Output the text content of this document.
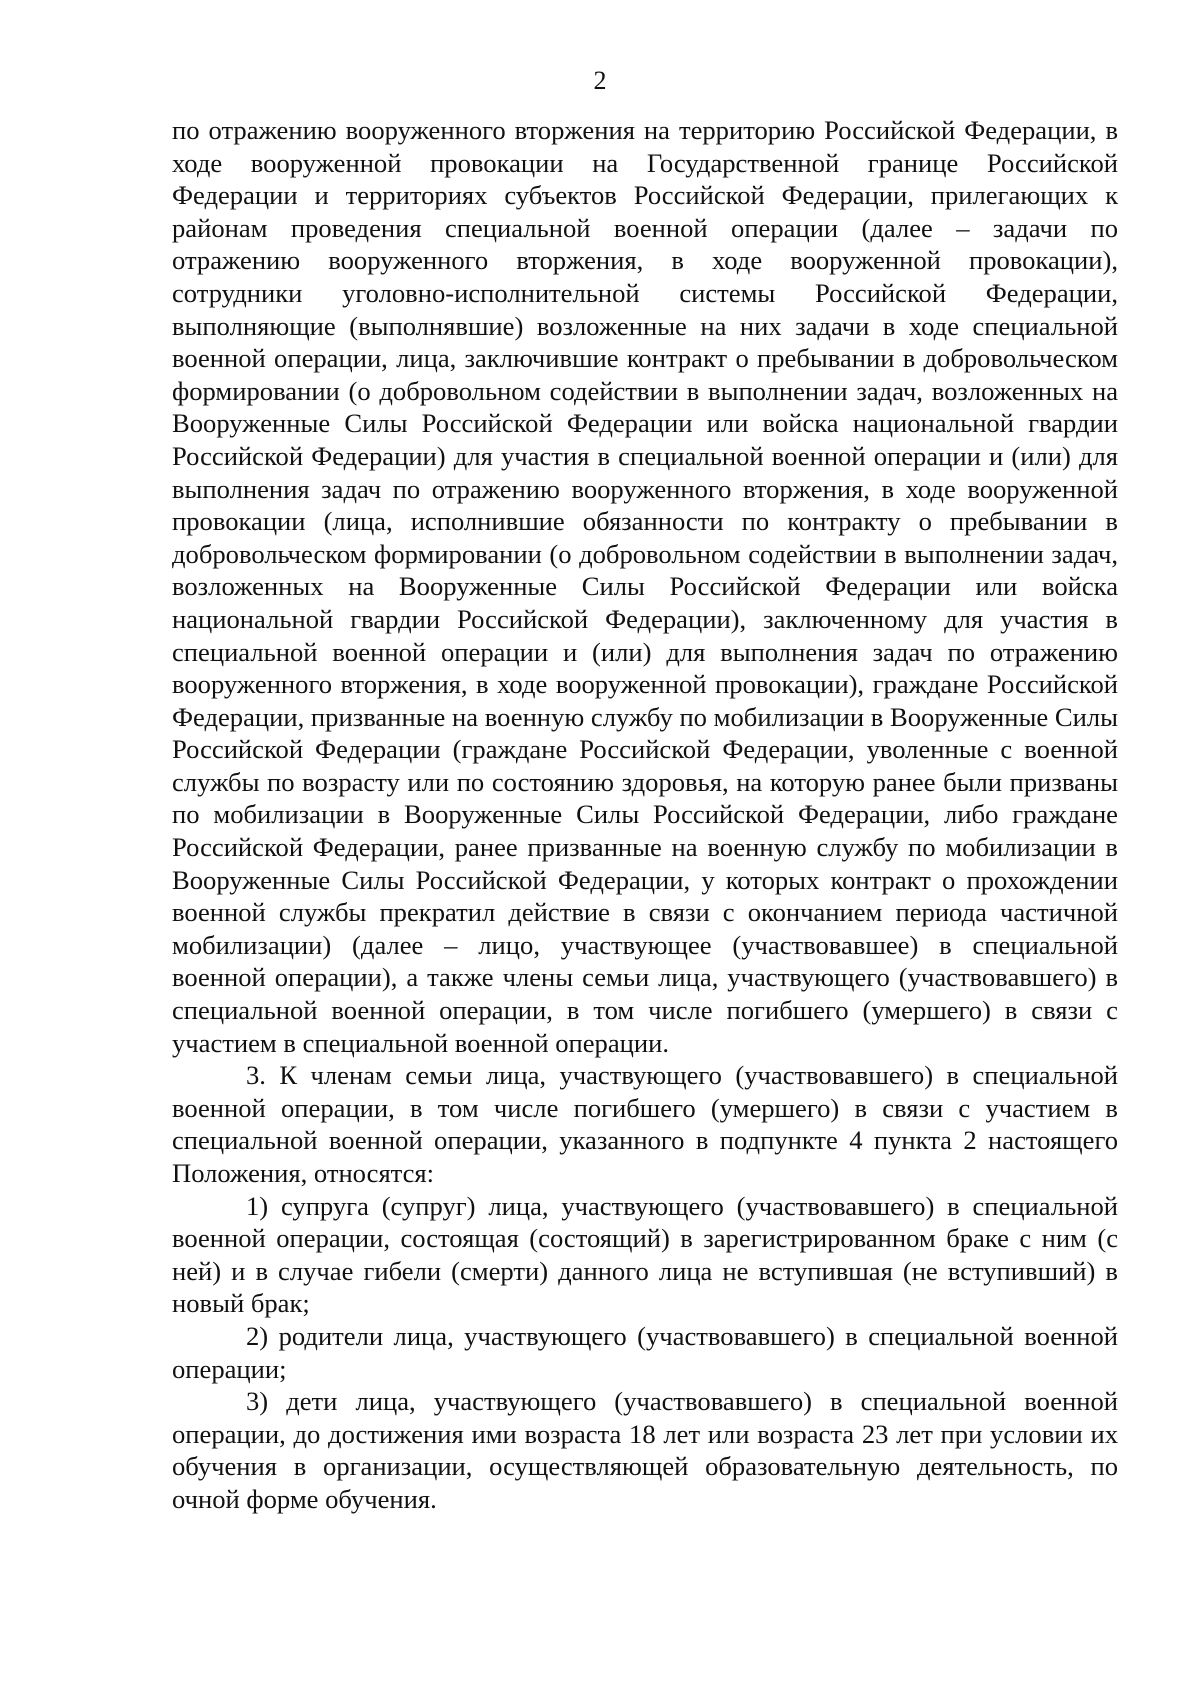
2

по отражению вооруженного вторжения на территорию Российской Федерации, в ходе вооруженной провокации на Государственной границе Российской Федерации и территориях субъектов Российской Федерации, прилегающих к районам проведения специальной военной операции (далее – задачи по отражению вооруженного вторжения, в ходе вооруженной провокации), сотрудники уголовно-исполнительной системы Российской Федерации, выполняющие (выполнявшие) возложенные на них задачи в ходе специальной военной операции, лица, заключившие контракт о пребывании в добровольческом формировании (о добровольном содействии в выполнении задач, возложенных на Вооруженные Силы Российской Федерации или войска национальной гвардии Российской Федерации) для участия в специальной военной операции и (или) для выполнения задач по отражению вооруженного вторжения, в ходе вооруженной провокации (лица, исполнившие обязанности по контракту о пребывании в добровольческом формировании (о добровольном содействии в выполнении задач, возложенных на Вооруженные Силы Российской Федерации или войска национальной гвардии Российской Федерации), заключенному для участия в специальной военной операции и (или) для выполнения задач по отражению вооруженного вторжения, в ходе вооруженной провокации), граждане Российской Федерации, призванные на военную службу по мобилизации в Вооруженные Силы Российской Федерации (граждане Российской Федерации, уволенные с военной службы по возрасту или по состоянию здоровья, на которую ранее были призваны по мобилизации в Вооруженные Силы Российской Федерации, либо граждане Российской Федерации, ранее призванные на военную службу по мобилизации в Вооруженные Силы Российской Федерации, у которых контракт о прохождении военной службы прекратил действие в связи с окончанием периода частичной мобилизации) (далее – лицо, участвующее (участвовавшее) в специальной военной операции), а также члены семьи лица, участвующего (участвовавшего) в специальной военной операции, в том числе погибшего (умершего) в связи с участием в специальной военной операции.

3. К членам семьи лица, участвующего (участвовавшего) в специальной военной операции, в том числе погибшего (умершего) в связи с участием в специальной военной операции, указанного в подпункте 4 пункта 2 настоящего Положения, относятся:

1) супруга (супруг) лица, участвующего (участвовавшего) в специальной военной операции, состоящая (состоящий) в зарегистрированном браке с ним (с ней) и в случае гибели (смерти) данного лица не вступившая (не вступивший) в новый брак;

2) родители лица, участвующего (участвовавшего) в специальной военной операции;

3) дети лица, участвующего (участвовавшего) в специальной военной операции, до достижения ими возраста 18 лет или возраста 23 лет при условии их обучения в организации, осуществляющей образовательную деятельность, по очной форме обучения.
